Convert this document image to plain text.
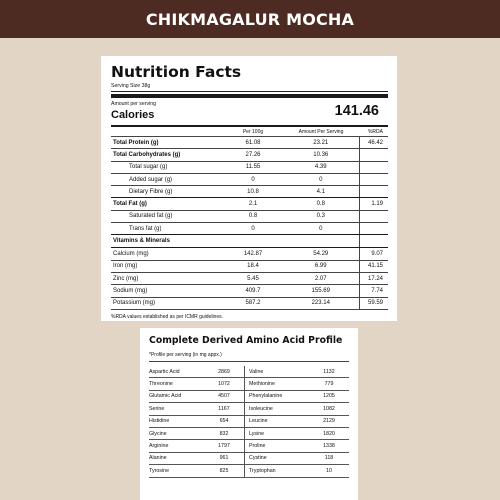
CHIKMAGALUR MOCHA
Nutrition Facts
Serving Size 38g
Amount per serving
Calories	141.46
	Per 100g	Amount Per Serving	%RDA
Total Protein (g)	61.08	23.21	46.42
Total Carbohydrates (g)	27.26	10.36	
Total sugar (g)	11.55	4.39	
Added sugar (g)	0	0	
Dietary Fibre (g)	10.8	4.1	
Total Fat (g)	2.1	0.8	1.19
Saturated fat (g)	0.8	0.3	
Trans fat (g)	0	0	
Vitamins & Minerals			
Calcium (mg)	142.87	54.29	9.07
Iron (mg)	18.4	6.99	41.15
Zinc (mg)	5.45	2.07	17.24
Sodium (mg)	409.7	155.69	7.74
Potassium (mg)	587.2	223.14	59.59
%RDA values established as per ICMR guidelines.
Complete Derived Amino Acid Profile
*Profile per serving (in mg appx.)
Aspartic Acid	2869	Valine	1132
Threonine	1072	Methionine	779
Glutamic Acid	4507	Phenylalanine	1205
Serine	1167	Isoleucine	1082
Histidine	654	Leucine	2129
Glycine	832	Lysine	1820
Arginine	1797	Proline	1338
Alanine	961	Cystine	118
Tyrosine	825	Tryptophan	10
